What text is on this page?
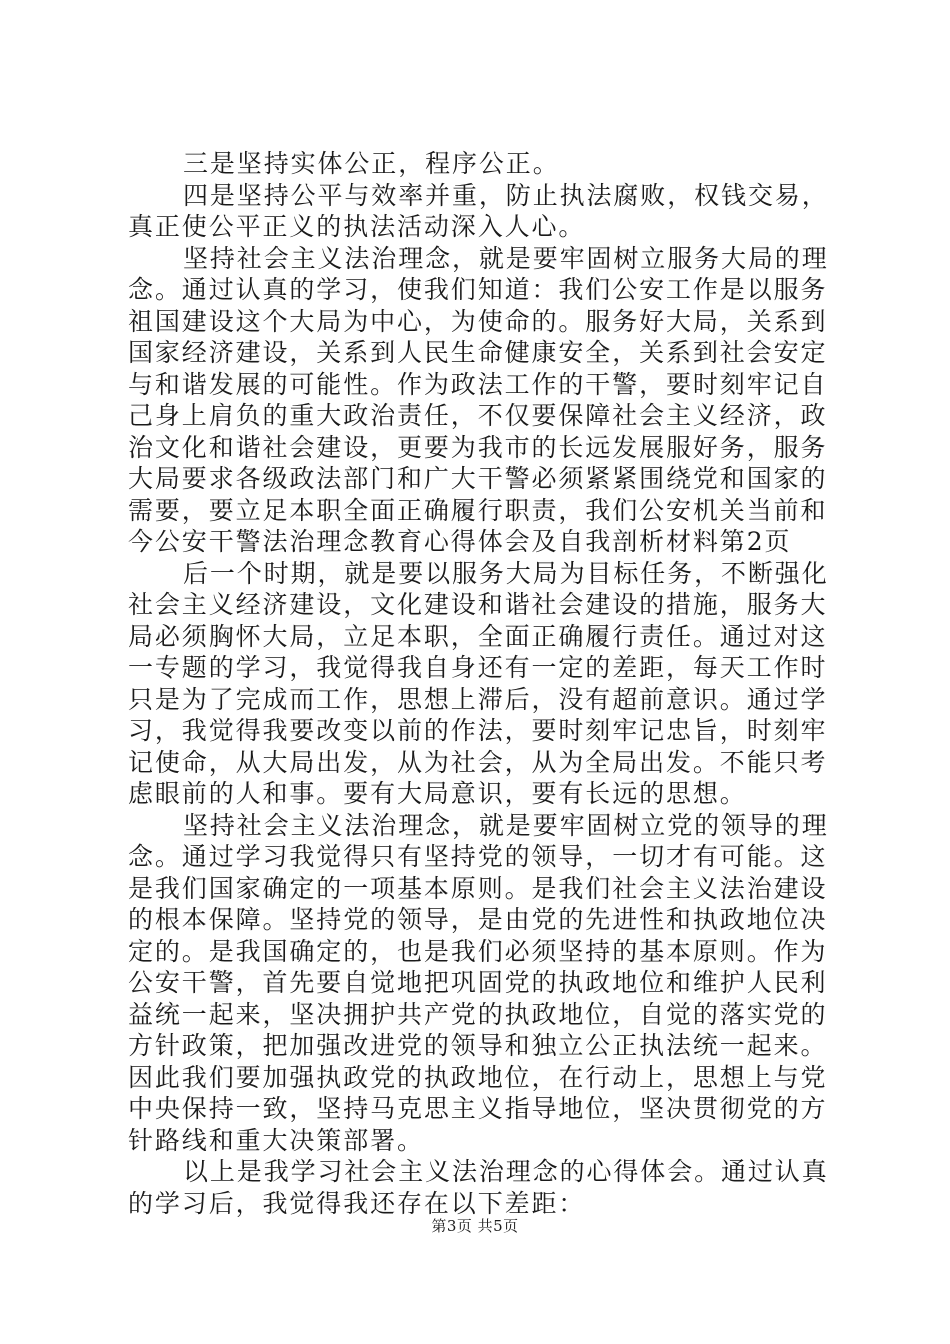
三是坚持实体公正，程序公正。

四是坚持公平与效率并重，防止执法腐败，权钱交易，真正使公平正义的执法活动深入人心。

坚持社会主义法治理念，就是要牢固树立服务大局的理念。通过认真的学习，使我们知道：我们公安工作是以服务祖国建设这个大局为中心，为使命的。服务好大局，关系到国家经济建设，关系到人民生命健康安全，关系到社会安定与和谐发展的可能性。作为政法工作的干警，要时刻牢记自己身上肩负的重大政治责任，不仅要保障社会主义经济，政治文化和谐社会建设，更要为我市的长远发展服好务，服务大局要求各级政法部门和广大干警必须紧紧围绕党和国家的需要，要立足本职全面正确履行职责，我们公安机关当前和今公安干警法治理念教育心得体会及自我剖析材料第2页

后一个时期，就是要以服务大局为目标任务，不断强化社会主义经济建设，文化建设和谐社会建设的措施，服务大局必须胸怀大局，立足本职，全面正确履行责任。通过对这一专题的学习，我觉得我自身还有一定的差距，每天工作时只是为了完成而工作，思想上滞后，没有超前意识。通过学习，我觉得我要改变以前的作法，要时刻牢记忠旨，时刻牢记使命，从大局出发，从为社会，从为全局出发。不能只考虑眼前的人和事。要有大局意识，要有长远的思想。

坚持社会主义法治理念，就是要牢固树立党的领导的理念。通过学习我觉得只有坚持党的领导，一切才有可能。这是我们国家确定的一项基本原则。是我们社会主义法治建设的根本保障。坚持党的领导，是由党的先进性和执政地位决定的。是我国确定的，也是我们必须坚持的基本原则。作为公安干警，首先要自觉地把巩固党的执政地位和维护人民利益统一起来，坚决拥护共产党的执政地位，自觉的落实党的方针政策，把加强改进党的领导和独立公正执法统一起来。因此我们要加强执政党的执政地位，在行动上，思想上与党中央保持一致，坚持马克思主义指导地位，坚决贯彻党的方针路线和重大决策部署。

以上是我学习社会主义法治理念的心得体会。通过认真的学习后，我觉得我还存在以下差距：

第3页 共5页
